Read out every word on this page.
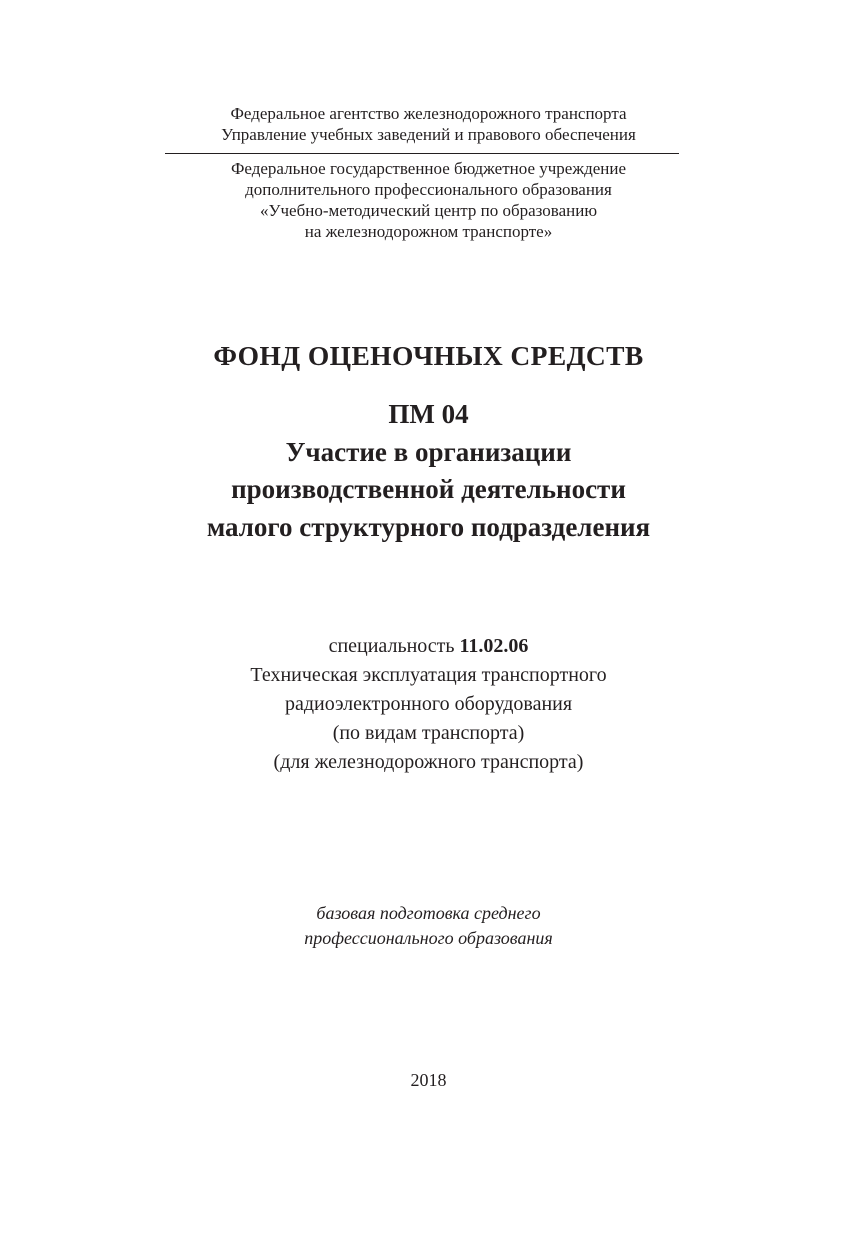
Федеральное агентство железнодорожного транспорта
Управление учебных заведений и правового обеспечения
Федеральное государственное бюджетное учреждение
дополнительного профессионального образования
«Учебно-методический центр по образованию
на железнодорожном транспорте»
ФОНД ОЦЕНОЧНЫХ СРЕДСТВ
ПМ 04
Участие в организации
производственной деятельности
малого структурного подразделения
специальность 11.02.06
Техническая эксплуатация транспортного
радиоэлектронного оборудования
(по видам транспорта)
(для железнодорожного транспорта)
базовая подготовка среднего
профессионального образования
2018
